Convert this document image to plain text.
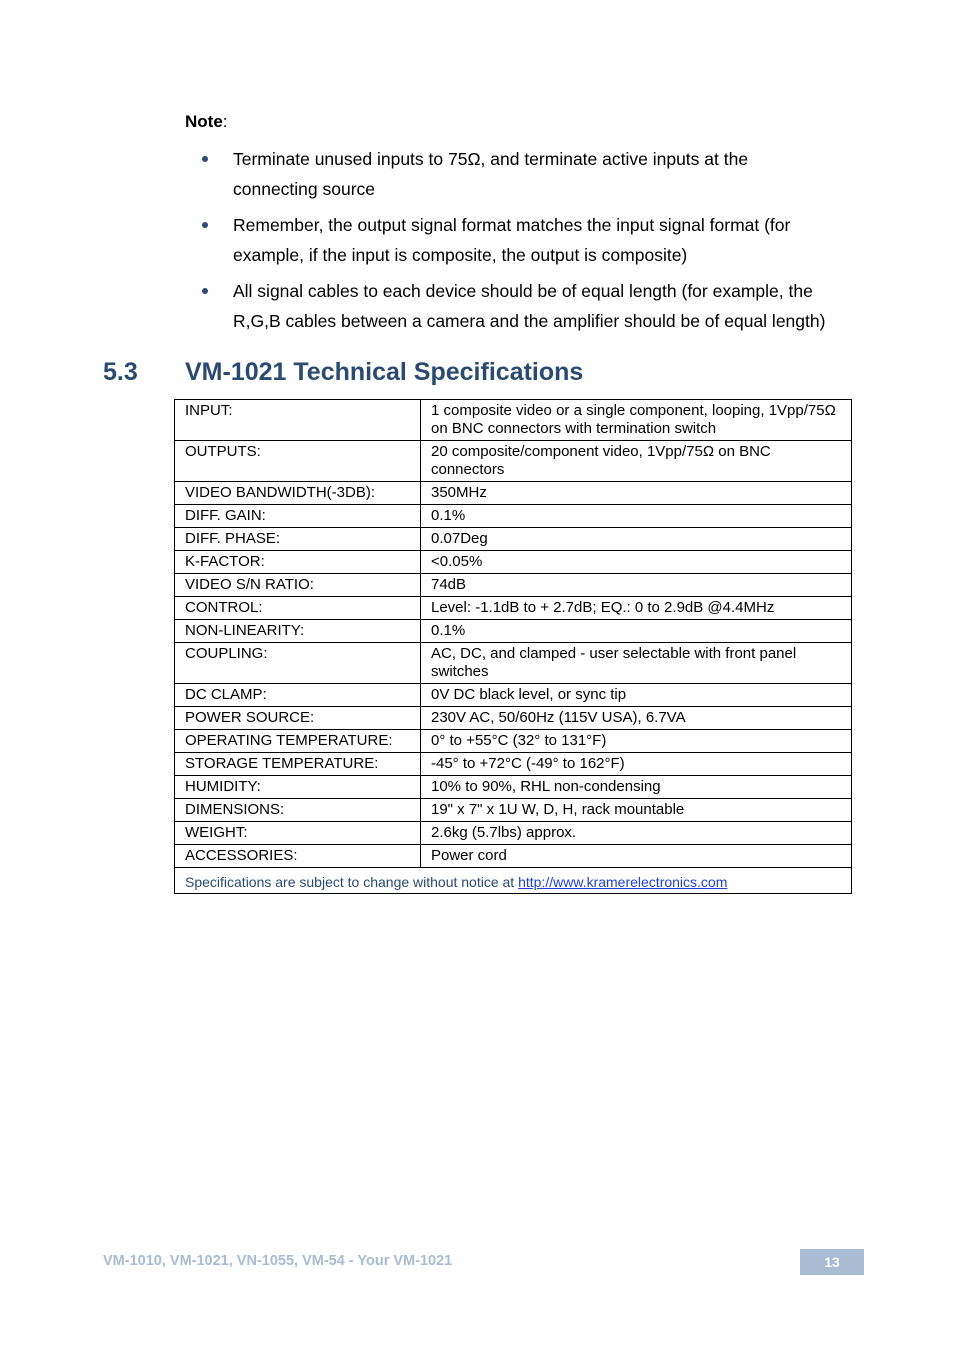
Note:
Terminate unused inputs to 75Ω, and terminate active inputs at the
connecting source
Remember, the output signal format matches the input signal format (for
example, if the input is composite, the output is composite)
All signal cables to each device should be of equal length (for example, the
R,G,B cables between a camera and the amplifier should be of equal length)
5.3 VM-1021 Technical Specifications
INPUT:	1 composite video or a single component, looping, 1Vpp/75Ω on BNC connectors with termination switch
OUTPUTS:	20 composite/component video, 1Vpp/75Ω on BNC connectors
VIDEO BANDWIDTH(-3DB):	350MHz
DIFF. GAIN:	0.1%
DIFF. PHASE:	0.07Deg
K-FACTOR:	<0.05%
VIDEO S/N RATIO:	74dB
CONTROL:	Level: -1.1dB to + 2.7dB; EQ.: 0 to 2.9dB @4.4MHz
NON-LINEARITY:	0.1%
COUPLING:	AC, DC, and clamped - user selectable with front panel switches
DC CLAMP:	0V DC black level, or sync tip
POWER SOURCE:	230V AC, 50/60Hz (115V USA), 6.7VA
OPERATING TEMPERATURE:	0° to +55°C (32° to 131°F)
STORAGE TEMPERATURE:	-45° to +72°C (-49° to 162°F)
HUMIDITY:	10% to 90%, RHL non-condensing
DIMENSIONS:	19" x 7" x 1U W, D, H, rack mountable
WEIGHT:	2.6kg (5.7lbs) approx.
ACCESSORIES:	Power cord
Specifications are subject to change without notice at http://www.kramerelectronics.com	
VM-1010, VM-1021, VN-1055, VM-54 - Your VM-1021	13
